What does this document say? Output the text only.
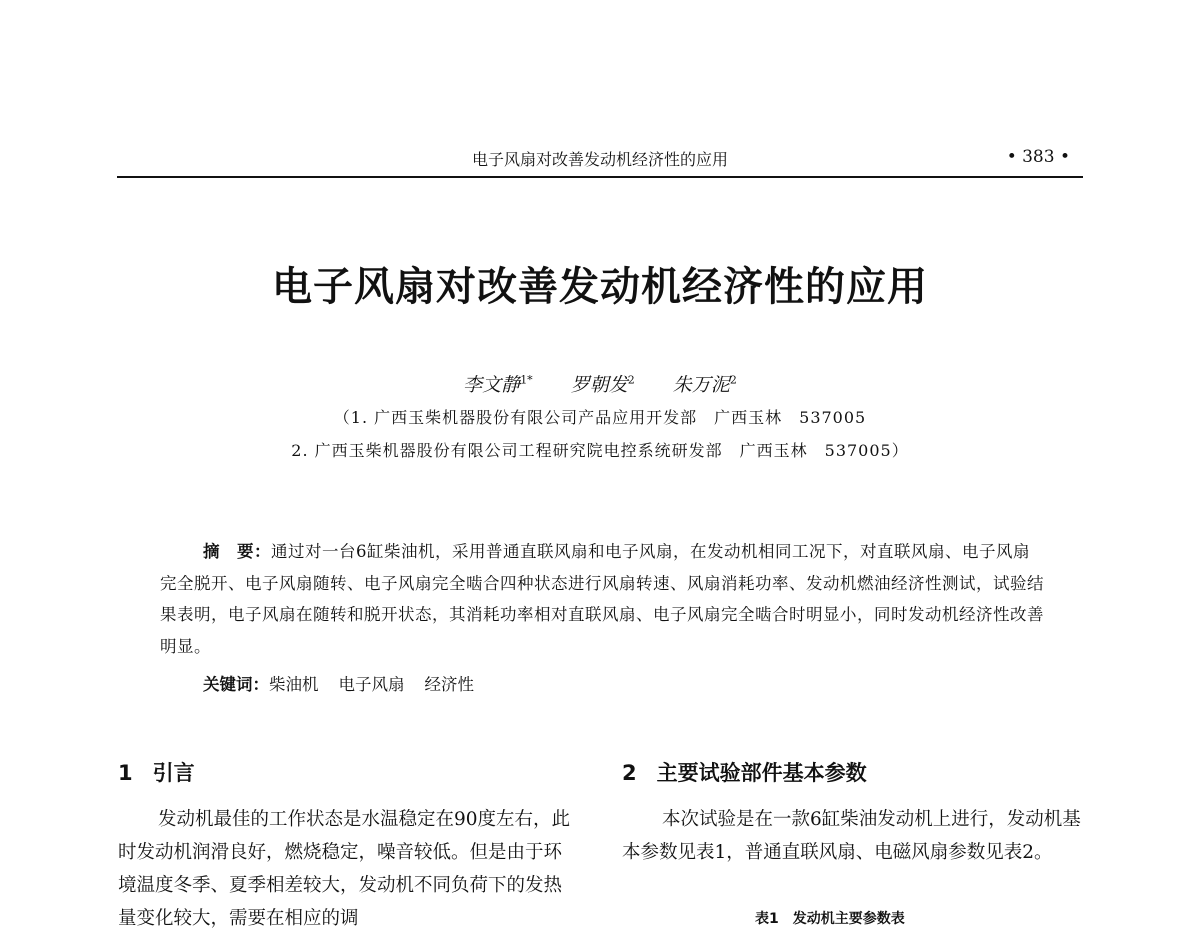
电子风扇对改善发动机经济性的应用	• 383 •
电子风扇对改善发动机经济性的应用
李文静$^{1*}$ 罗朝发$^2$ 朱万泥$^2$
（1. 广西玉柴机器股份有限公司产品应用开发部　广西玉林　537005
2. 广西玉柴机器股份有限公司工程研究院电控系统研发部　广西玉林　537005）
摘　要：通过对一台6缸柴油机，采用普通直联风扇和电子风扇，在发动机相同工况下，对直联风扇、电子风扇完全脱开、电子风扇随转、电子风扇完全啮合四种状态进行风扇转速、风扇消耗功率、发动机燃油经济性测试，试验结果表明，电子风扇在随转和脱开状态，其消耗功率相对直联风扇、电子风扇完全啮合时明显小，同时发动机经济性改善明显。
关键词：柴油机 电子风扇 经济性
1 引言	2 主要试验部件基本参数
发动机最佳的工作状态是水温稳定在90度左右，此时发动机润滑良好，燃烧稳定，噪音较低。但是由于环境温度冬季、夏季相差较大，发动机不同负荷下的发热量变化较大，需要在相应的调
本次试验是在一款6缸柴油发动机上进行，发动机基本参数见表1，普通直联风扇、电磁风扇参数见表2。
表1　发动机主要参数表
